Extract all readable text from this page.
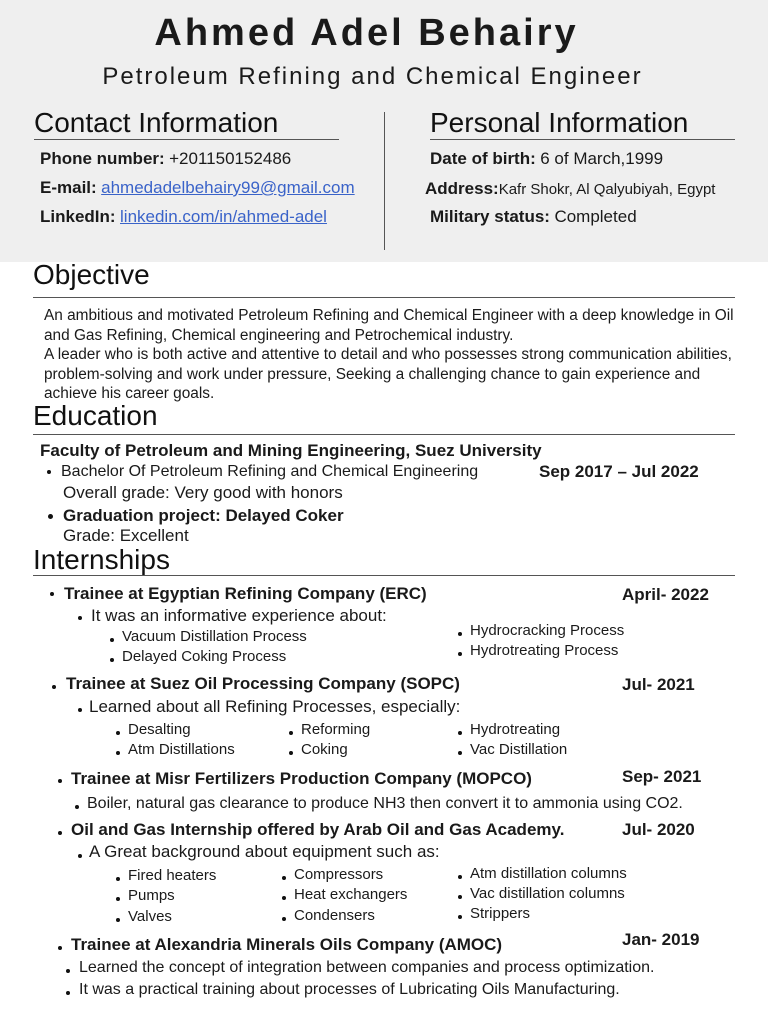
Ahmed Adel Behairy
Petroleum Refining and Chemical Engineer
Contact Information
Phone number: +201150152486
E-mail: ahmedadelbehairy99@gmail.com
LinkedIn: linkedin.com/in/ahmed-adel
Personal Information
Date of birth: 6 of March,1999
Address:Kafr Shokr, Al Qalyubiyah, Egypt
Military status: Completed
Objective
An ambitious and motivated Petroleum Refining and Chemical Engineer with a deep knowledge in Oil and Gas Refining, Chemical engineering and Petrochemical industry.
A leader who is both active and attentive to detail and who possesses strong communication abilities, problem-solving and work under pressure, Seeking a challenging chance to gain experience and achieve his career goals.
Education
Faculty of Petroleum and Mining Engineering, Suez University
Bachelor Of Petroleum Refining and Chemical Engineering	Sep 2017 – Jul 2022
Overall grade: Very good with honors
Graduation project: Delayed Coker
Grade: Excellent
Internships
Trainee at Egyptian Refining Company (ERC)	April- 2022
It was an informative experience about:
Vacuum Distillation Process
Delayed Coking Process
Hydrocracking Process
Hydrotreating Process
Trainee at Suez Oil Processing Company (SOPC)	Jul- 2021
Learned about all Refining Processes, especially:
Desalting
Atm Distillations
Reforming
Coking
Hydrotreating
Vac Distillation
Trainee at Misr Fertilizers Production Company (MOPCO)	Sep- 2021
Boiler, natural gas clearance to produce NH3 then convert it to ammonia using CO2.
Oil and Gas Internship offered by Arab Oil and Gas Academy.	Jul- 2020
A Great background about equipment such as:
Fired heaters
Pumps
Valves
Compressors
Heat exchangers
Condensers
Atm distillation columns
Vac distillation columns
Strippers
Trainee at Alexandria Minerals Oils Company (AMOC)	Jan- 2019
Learned the concept of integration between companies and process optimization.
It was a practical training about processes of Lubricating Oils Manufacturing.
